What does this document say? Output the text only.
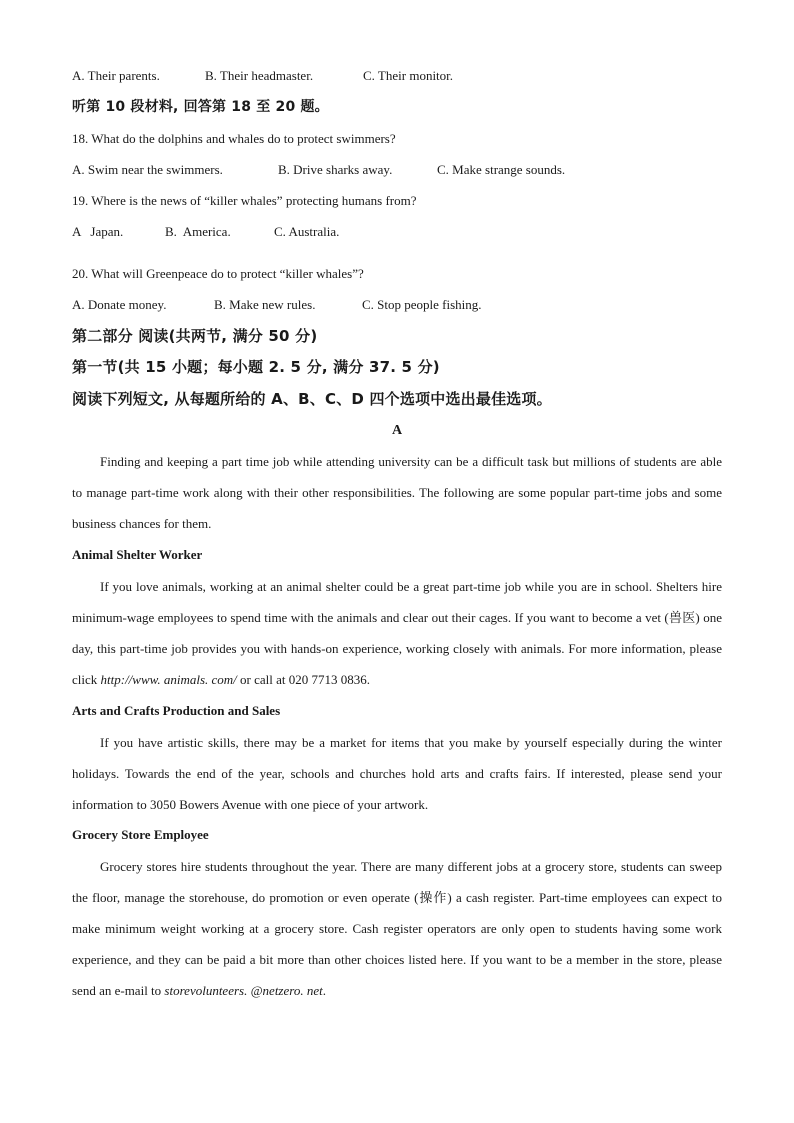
A. Their parents.	B. Their headmaster.	C. Their monitor.
听第 10 段材料, 回答第 18 至 20 题。
18. What do the dolphins and whales do to protect swimmers?
A. Swim near the swimmers.	B. Drive sharks away.	C. Make strange sounds.
19. Where is the news of “killer whales” protecting humans from?
A   Japan.	B.  America.	C. Australia.
20. What will Greenpeace do to protect “killer whales”?
A. Donate money.	B. Make new rules.	C. Stop people fishing.
第二部分 阅读(共两节, 满分 50 分)
第一节(共 15 小题；每小题 2. 5 分, 满分 37. 5 分)
阅读下列短文, 从每题所给的 A、B、C、D 四个选项中选出最佳选项。
A

Finding and keeping a part time job while attending university can be a difficult task but millions of students are able to manage part-time work along with their other responsibilities. The following are some popular part-time jobs and some business chances for them.

Animal Shelter Worker

If you love animals, working at an animal shelter could be a great part-time job while you are in school. Shelters hire minimum-wage employees to spend time with the animals and clear out their cages. If you want to become a vet (兽医) one day, this part-time job provides you with hands-on experience, working closely with animals. For more information, please click http://www. animals. com/ or call at 020 7713 0836.

Arts and Crafts Production and Sales

If you have artistic skills, there may be a market for items that you make by yourself especially during the winter holidays. Towards the end of the year, schools and churches hold arts and crafts fairs. If interested, please send your information to 3050 Bowers Avenue with one piece of your artwork.

Grocery Store Employee

Grocery stores hire students throughout the year. There are many different jobs at a grocery store, students can sweep the floor, manage the storehouse, do promotion or even operate (操作) a cash register. Part-time employees can expect to make minimum weight working at a grocery store. Cash register operators are only open to students having some work experience, and they can be paid a bit more than other choices listed here. If you want to be a member in the store, please send an e-mail to storevolunteers. @netzero. net.
